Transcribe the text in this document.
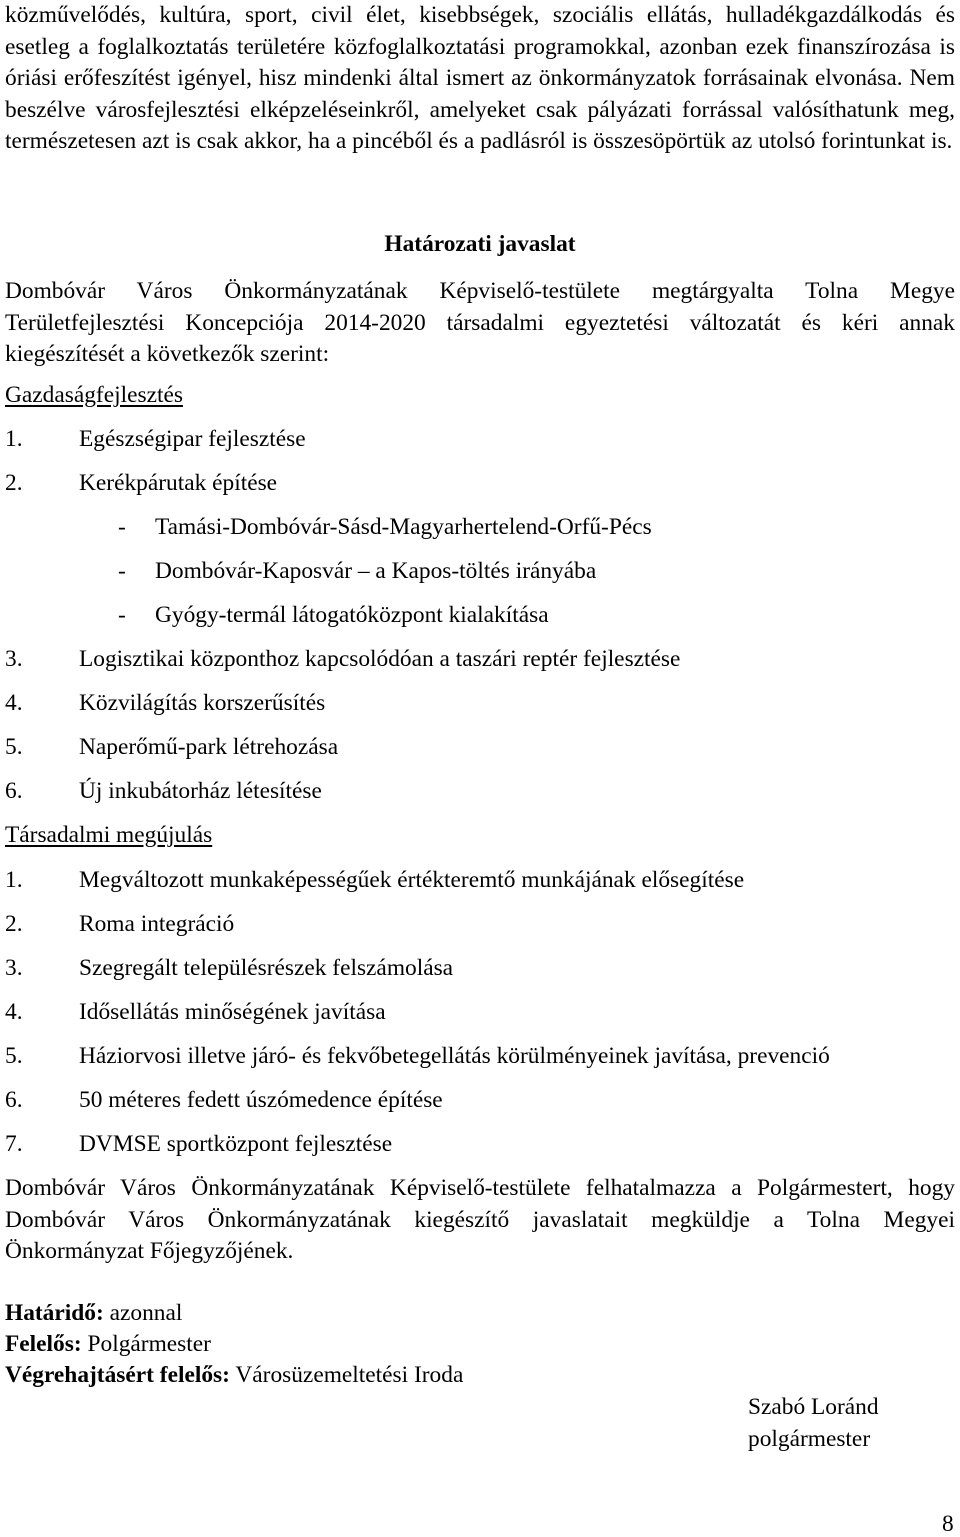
közművelődés, kultúra, sport, civil élet, kisebbségek, szociális ellátás, hulladékgazdálkodás és esetleg a foglalkoztatás területére közfoglalkoztatási programokkal, azonban ezek finanszírozása is óriási erőfeszítést igényel, hisz mindenki által ismert az önkormányzatok forrásainak elvonása. Nem beszélve városfejlesztési elképzeléseinkről, amelyeket csak pályázati forrással valósíthatunk meg, természetesen azt is csak akkor, ha a pincéből és a padlásról is összesöpörtük az utolsó forintunkat is.

Határozati javaslat

Dombóvár Város Önkormányzatának Képviselő-testülete megtárgyalta Tolna Megye Területfejlesztési Koncepciója 2014-2020 társadalmi egyeztetési változatát és kéri annak kiegészítését a következők szerint:

Gazdaságfejlesztés
1. Egészségipar fejlesztése
2. Kerékpárutak építése
- Tamási-Dombóvár-Sásd-Magyarhertelend-Orfű-Pécs
- Dombóvár-Kaposvár – a Kapos-töltés irányába
- Gyógy-termál látogatóközpont kialakítása
3. Logisztikai központhoz kapcsolódóan a taszári reptér fejlesztése
4. Közvilágítás korszerűsítés
5. Naperőmű-park létrehozása
6. Új inkubátorház létesítése
Társadalmi megújulás
1. Megváltozott munkaképességűek értékteremtő munkájának elősegítése
2. Roma integráció
3. Szegregált településrészek felszámolása
4. Idősellátás minőségének javítása
5. Háziorvosi illetve járó- és fekvőbetegellátás körülményeinek javítása, prevenció
6. 50 méteres fedett úszómedence építése
7. DVMSE sportközpont fejlesztése

Dombóvár Város Önkormányzatának Képviselő-testülete felhatalmazza a Polgármestert, hogy Dombóvár Város Önkormányzatának kiegészítő javaslatait megküldje a Tolna Megyei Önkormányzat Főjegyzőjének.

Határidő: azonnal
Felelős: Polgármester
Végrehajtásért felelős: Városüzemeltetési Iroda
Szabó Loránd
polgármester
8
